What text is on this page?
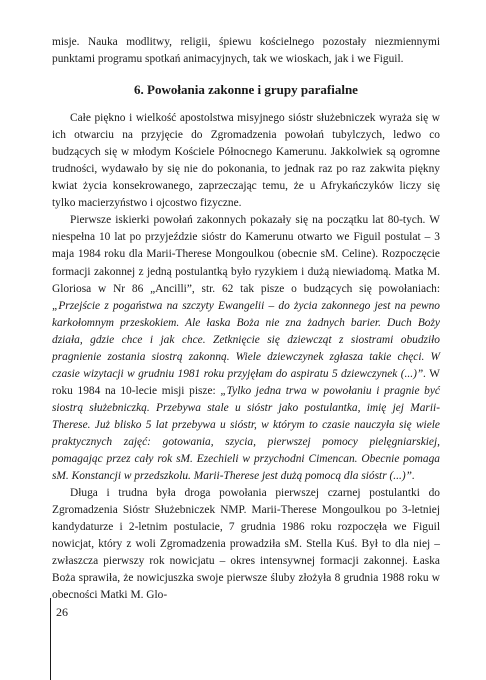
misje. Nauka modlitwy, religii, śpiewu kościelnego pozostały niezmiennymi punktami programu spotkań animacyjnych, tak we wioskach, jak i we Figuil.

6. Powołania zakonne i grupy parafialne

Całe piękno i wielkość apostolstwa misyjnego sióstr służebniczek wyraża się w ich otwarciu na przyjęcie do Zgromadzenia powołań tubylczych, ledwo co budzących się w młodym Kościele Północnego Kamerunu. Jakkolwiek są ogromne trudności, wydawało by się nie do pokonania, to jednak raz po raz zakwita piękny kwiat życia konsekrowanego, zaprzeczając temu, że u Afrykańczyków liczy się tylko macierzyństwo i ojcostwo fizyczne.

Pierwsze iskierki powołań zakonnych pokazały się na początku lat 80-tych. W niespełna 10 lat po przyjeździe sióstr do Kamerunu otwarto we Figuil postulat – 3 maja 1984 roku dla Marii-Therese Mongoulkou (obecnie sM. Celine). Rozpoczęcie formacji zakonnej z jedną postulantką było ryzykiem i dużą niewiadomą. Matka M. Gloriosa w Nr 86 „Ancilli”, str. 62 tak pisze o budzących się powołaniach: „Przejście z pogaństwa na szczyty Ewangelii – do życia zakonnego jest na pewno karkołomnym przeskokiem. Ale łaska Boża nie zna żadnych barier. Duch Boży działa, gdzie chce i jak chce. Zetknięcie się dziewcząt z siostrami obudziło pragnienie zostania siostrą zakonną. Wiele dziewczynek zgłasza takie chęci. W czasie wizytacji w grudniu 1981 roku przyjęłam do aspiratu 5 dziewczynek (...)”. W roku 1984 na 10-lecie misji pisze: „Tylko jedna trwa w powołaniu i pragnie być siostrą służebniczką. Przebywa stale u sióstr jako postulantka, imię jej Marii-Therese. Już blisko 5 lat przebywa u sióstr, w którym to czasie nauczyła się wiele praktycznych zajęć: gotowania, szycia, pierwszej pomocy pielęgniarskiej, pomagając przez cały rok sM. Ezechieli w przychodni Cimencan. Obecnie pomaga sM. Konstancji w przedszkolu. Marii-Therese jest dużą pomocą dla sióstr (...)”.

Długa i trudna była droga powołania pierwszej czarnej postulantki do Zgromadzenia Sióstr Służebniczek NMP. Marii-Therese Mongoulkou po 3-letniej kandydaturze i 2-letnim postulacie, 7 grudnia 1986 roku rozpoczęła we Figuil nowicjat, który z woli Zgromadzenia prowadziła sM. Stella Kuś. Był to dla niej – zwłaszcza pierwszy rok nowicjatu – okres intensywnej formacji zakonnej. Łaska Boża sprawiła, że nowicjuszka swoje pierwsze śluby złożyła 8 grudnia 1988 roku w obecności Matki M. Glo-

26
